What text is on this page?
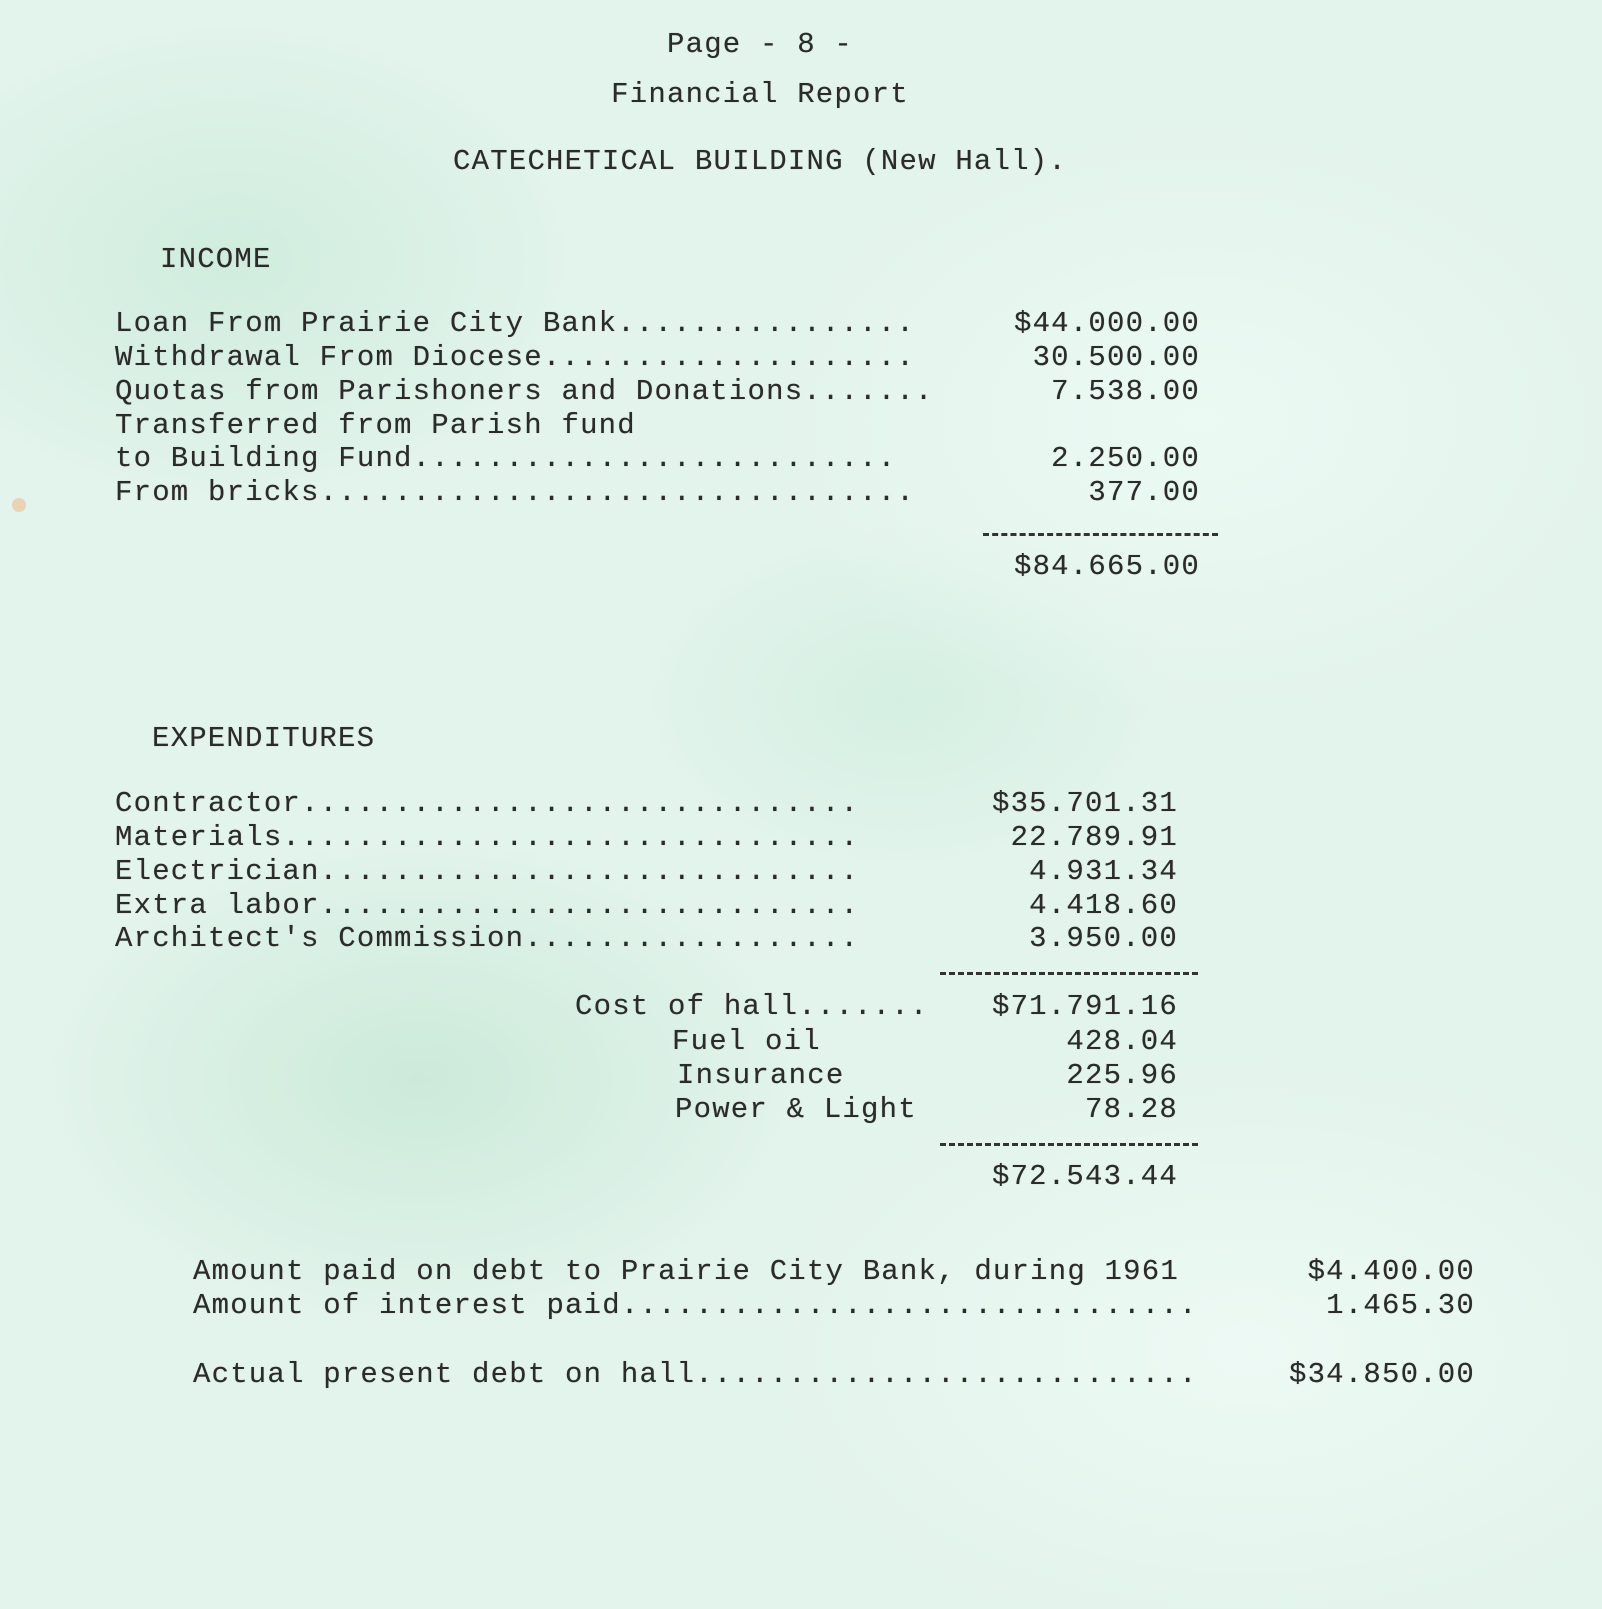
Page - 8 -

Financial Report

CATECHETICAL BUILDING (New Hall).

INCOME

Loan From Prairie City Bank................	$44.000.00
Withdrawal From Diocese....................	30.500.00
Quotas from Parishoners and Donations.......	7.538.00
Transferred from Parish fund
to Building Fund..........................	2.250.00
From bricks................................	377.00

$84.665.00

EXPENDITURES

Contractor..............................	$35.701.31
Materials...............................	22.789.91
Electrician.............................	4.931.34
Extra labor.............................	4.418.60
Architect's Commission..................	3.950.00
Cost of hall....... $71.791.16
Fuel oil	428.04
Insurance	225.96
Power & Light	78.28

$72.543.44

Amount paid on debt to Prairie City Bank, during 1961	$4.400.00
Amount of interest paid...............................	1.465.30
Actual present debt on hall...........................	$34.850.00
